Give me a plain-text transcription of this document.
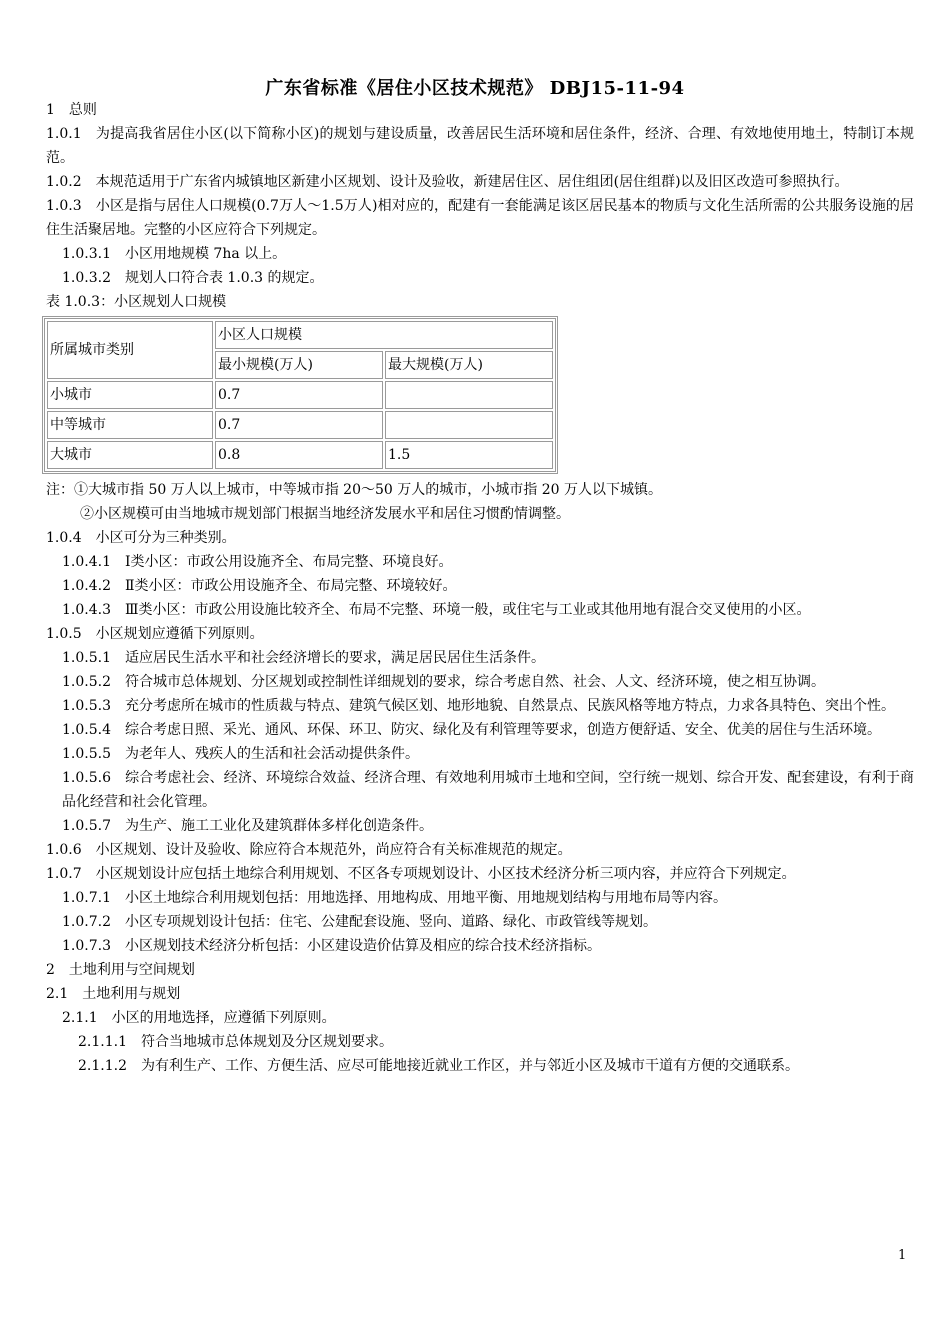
广东省标准《居住小区技术规范》 DBJ15-11-94

1　总则

1.0.1　为提高我省居住小区(以下简称小区)的规划与建设质量，改善居民生活环境和居住条件，经济、合理、有效地使用地土，特制订本规范。

1.0.2　本规范适用于广东省内城镇地区新建小区规划、设计及验收，新建居住区、居住组团(居住组群)以及旧区改造可参照执行。

1.0.3　小区是指与居住人口规模(0.7万人～1.5万人)相对应的，配建有一套能满足该区居民基本的物质与文化生活所需的公共服务设施的居住生活聚居地。完整的小区应符合下列规定。

1.0.3.1　小区用地规模 7ha 以上。

1.0.3.2　规划人口符合表 1.0.3 的规定。

表 1.0.3：小区规划人口规模

所属城市类别	小区人口规模	
	最小规模(万人)	最大规模(万人)
小城市	0.7	
中等城市	0.7	
大城市	0.8	1.5

注：①大城市指 50 万人以上城市，中等城市指 20～50 万人的城市，小城市指 20 万人以下城镇。

②小区规模可由当地城市规划部门根据当地经济发展水平和居住习惯酌情调整。

1.0.4　小区可分为三种类别。

1.0.4.1　Ⅰ类小区：市政公用设施齐全、布局完整、环境良好。

1.0.4.2　Ⅱ类小区：市政公用设施齐全、布局完整、环境较好。

1.0.4.3　Ⅲ类小区：市政公用设施比较齐全、布局不完整、环境一般，或住宅与工业或其他用地有混合交叉使用的小区。

1.0.5　小区规划应遵循下列原则。

1.0.5.1　适应居民生活水平和社会经济增长的要求，满足居民居住生活条件。

1.0.5.2　符合城市总体规划、分区规划或控制性详细规划的要求，综合考虑自然、社会、人文、经济环境，使之相互协调。

1.0.5.3　充分考虑所在城市的性质裁与特点、建筑气候区划、地形地貌、自然景点、民族风格等地方特点，力求各具特色、突出个性。

1.0.5.4　综合考虑日照、采光、通风、环保、环卫、防灾、绿化及有利管理等要求，创造方便舒适、安全、优美的居住与生活环境。

1.0.5.5　为老年人、残疾人的生活和社会活动提供条件。

1.0.5.6　综合考虑社会、经济、环境综合效益、经济合理、有效地利用城市土地和空间，空行统一规划、综合开发、配套建设，有利于商品化经营和社会化管理。

1.0.5.7　为生产、施工工业化及建筑群体多样化创造条件。

1.0.6　小区规划、设计及验收、除应符合本规范外，尚应符合有关标准规范的规定。

1.0.7　小区规划设计应包括土地综合利用规划、不区各专项规划设计、小区技术经济分析三项内容，并应符合下列规定。

1.0.7.1　小区土地综合利用规划包括：用地选择、用地构成、用地平衡、用地规划结构与用地布局等内容。

1.0.7.2　小区专项规划设计包括：住宅、公建配套设施、竖向、道路、绿化、市政管线等规划。

1.0.7.3　小区规划技术经济分析包括：小区建设造价估算及相应的综合技术经济指标。

2　土地利用与空间规划

2.1　土地利用与规划

2.1.1　小区的用地选择，应遵循下列原则。

2.1.1.1　符合当地城市总体规划及分区规划要求。

2.1.1.2　为有利生产、工作、方便生活、应尽可能地接近就业工作区，并与邻近小区及城市干道有方便的交通联系。

1
